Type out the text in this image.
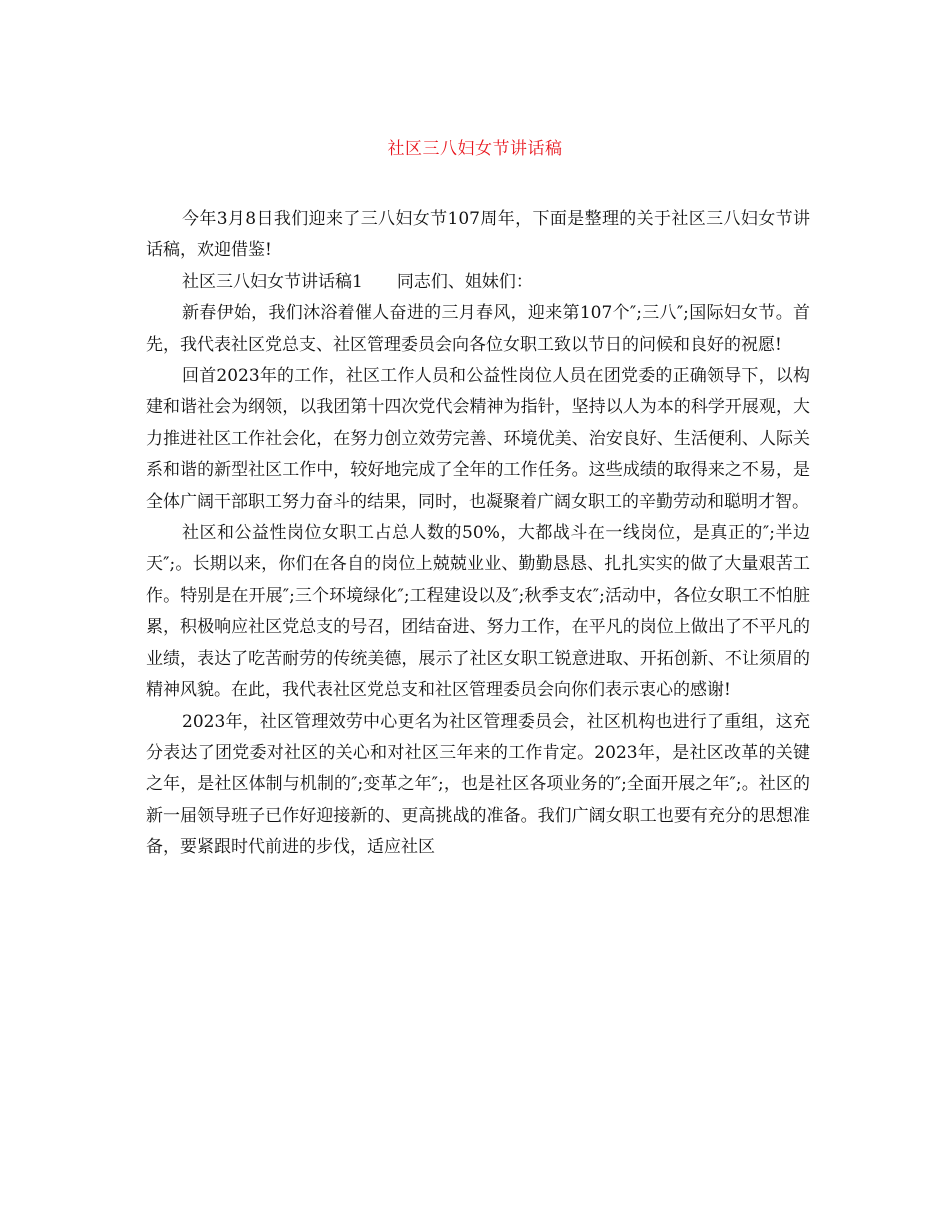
社区三八妇女节讲话稿

今年3月8日我们迎来了三八妇女节107周年，下面是整理的关于社区三八妇女节讲话稿，欢迎借鉴!

社区三八妇女节讲话稿1　　同志们、姐妹们：

新春伊始，我们沐浴着催人奋进的三月春风，迎来第107个″;三八″;国际妇女节。首先，我代表社区党总支、社区管理委员会向各位女职工致以节日的问候和良好的祝愿!

回首2023年的工作，社区工作人员和公益性岗位人员在团党委的正确领导下，以构建和谐社会为纲领，以我团第十四次党代会精神为指针，坚持以人为本的科学开展观，大力推进社区工作社会化，在努力创立效劳完善、环境优美、治安良好、生活便利、人际关系和谐的新型社区工作中，较好地完成了全年的工作任务。这些成绩的取得来之不易，是全体广阔干部职工努力奋斗的结果，同时，也凝聚着广阔女职工的辛勤劳动和聪明才智。

社区和公益性岗位女职工占总人数的50%，大都战斗在一线岗位，是真正的″;半边天″;。长期以来，你们在各自的岗位上兢兢业业、勤勤恳恳、扎扎实实的做了大量艰苦工作。特别是在开展″;三个环境绿化″;工程建设以及″;秋季支农″;活动中，各位女职工不怕脏累，积极响应社区党总支的号召，团结奋进、努力工作，在平凡的岗位上做出了不平凡的业绩，表达了吃苦耐劳的传统美德，展示了社区女职工锐意进取、开拓创新、不让须眉的精神风貌。在此，我代表社区党总支和社区管理委员会向你们表示衷心的感谢!

2023年，社区管理效劳中心更名为社区管理委员会，社区机构也进行了重组，这充分表达了团党委对社区的关心和对社区三年来的工作肯定。2023年，是社区改革的关键之年，是社区体制与机制的″;变革之年″;，也是社区各项业务的″;全面开展之年″;。社区的新一届领导班子已作好迎接新的、更高挑战的准备。我们广阔女职工也要有充分的思想准备，要紧跟时代前进的步伐，适应社区
